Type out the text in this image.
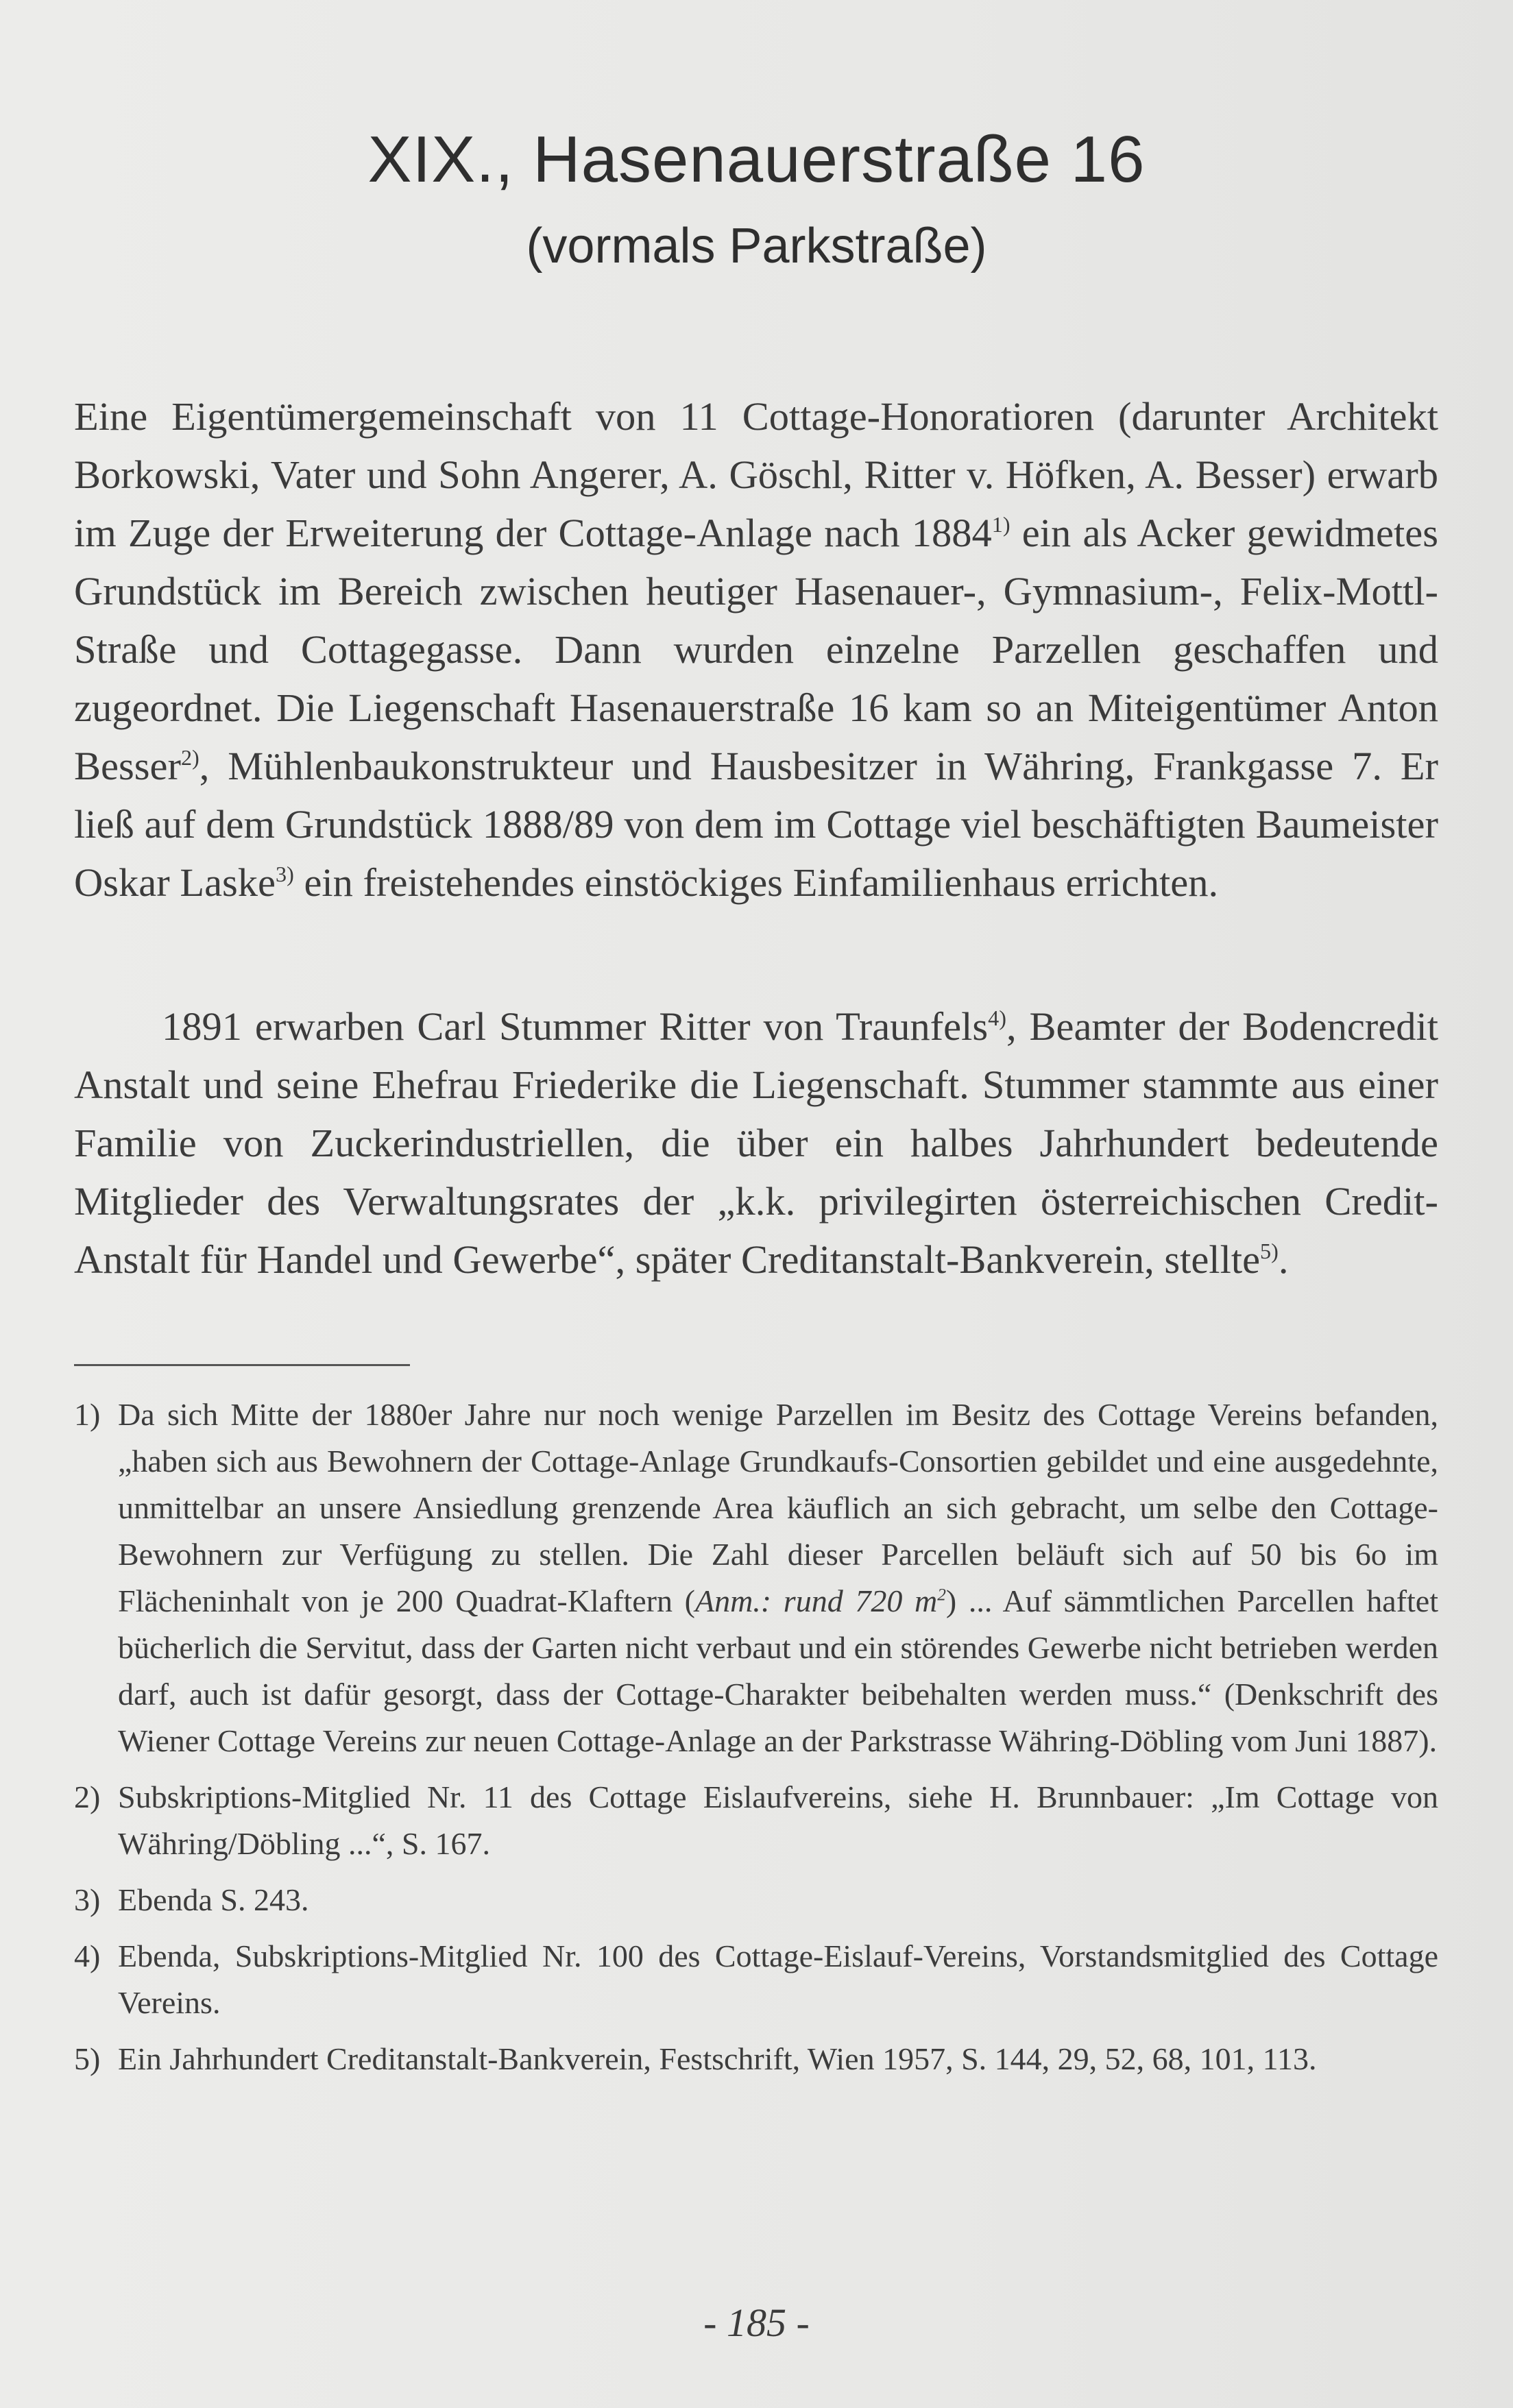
XIX., Hasenauerstraße 16
(vormals Parkstraße)

Eine Eigentümergemeinschaft von 11 Cottage-Honoratioren (darunter Architekt Borkowski, Vater und Sohn Angerer, A. Göschl, Ritter v. Höfken, A. Besser) erwarb im Zuge der Erweiterung der Cottage-Anlage nach 1884$^{1)}$ ein als Acker gewidmetes Grundstück im Bereich zwischen heutiger Hasenauer-, Gymnasium-, Felix-Mottl-Straße und Cottagegasse. Dann wurden einzelne Parzellen geschaffen und zugeordnet. Die Liegenschaft Hasenauerstraße 16 kam so an Miteigentümer Anton Besser$^{2)}$, Mühlenbaukonstrukteur und Hausbesitzer in Währing, Frankgasse 7. Er ließ auf dem Grundstück 1888/89 von dem im Cottage viel beschäftigten Baumeister Oskar Laske$^{3)}$ ein freistehendes einstöckiges Einfamilienhaus errichten.

1891 erwarben Carl Stummer Ritter von Traunfels$^{4)}$, Beamter der Bodencredit Anstalt und seine Ehefrau Friederike die Liegenschaft. Stummer stammte aus einer Familie von Zuckerindustriellen, die über ein halbes Jahrhundert bedeutende Mitglieder des Verwaltungsrates der „k.k. privilegirten österreichischen Credit-Anstalt für Handel und Gewerbe“, später Creditanstalt-Bankverein, stellte$^{5)}$.

1) Da sich Mitte der 1880er Jahre nur noch wenige Parzellen im Besitz des Cottage Vereins befanden, „haben sich aus Bewohnern der Cottage-Anlage Grundkaufs-Consortien gebildet und eine ausgedehnte, unmittelbar an unsere Ansiedlung grenzende Area käuflich an sich gebracht, um selbe den Cottage-Bewohnern zur Verfügung zu stellen. Die Zahl dieser Parcellen beläuft sich auf 50 bis 6o im Flächeninhalt von je 200 Quadrat-Klaftern (Anm.: rund 720 $m^2$) ... Auf sämmtlichen Parcellen haftet bücherlich die Servitut, dass der Garten nicht verbaut und ein störendes Gewerbe nicht betrieben werden darf, auch ist dafür gesorgt, dass der Cottage-Charakter beibehalten werden muss.“ (Denkschrift des Wiener Cottage Vereins zur neuen Cottage-Anlage an der Parkstrasse Währing-Döbling vom Juni 1887).
2) Subskriptions-Mitglied Nr. 11 des Cottage Eislaufvereins, siehe H. Brunnbauer: „Im Cottage von Währing/Döbling ...“, S. 167.
3) Ebenda S. 243.
4) Ebenda, Subskriptions-Mitglied Nr. 100 des Cottage-Eislauf-Vereins, Vorstandsmitglied des Cottage Vereins.
5) Ein Jahrhundert Creditanstalt-Bankverein, Festschrift, Wien 1957, S. 144, 29, 52, 68, 101, 113.
- 185 -
